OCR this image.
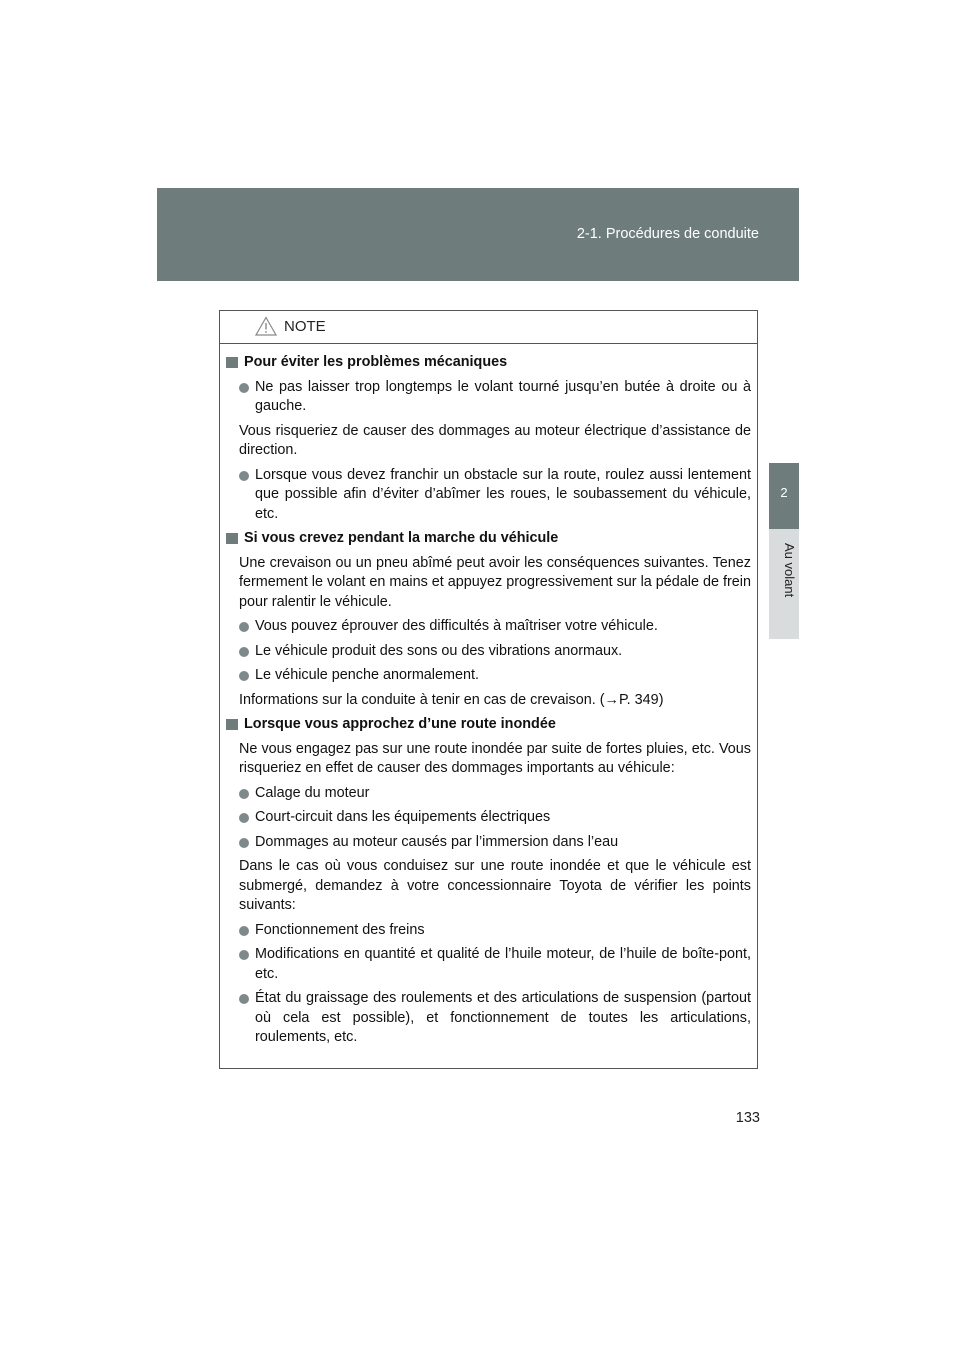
2-1. Procédures de conduite
2
Au volant
NOTE
Pour éviter les problèmes mécaniques
Ne pas laisser trop longtemps le volant tourné jusqu’en butée à droite ou à gauche.
Vous risqueriez de causer des dommages au moteur électrique d’assistance de direction.
Lorsque vous devez franchir un obstacle sur la route, roulez aussi lentement que possible afin d’éviter d’abîmer les roues, le soubassement du véhicule, etc.
Si vous crevez pendant la marche du véhicule
Une crevaison ou un pneu abîmé peut avoir les conséquences suivantes. Tenez fermement le volant en mains et appuyez progressivement sur la pédale de frein pour ralentir le véhicule.
Vous pouvez éprouver des difficultés à maîtriser votre véhicule.
Le véhicule produit des sons ou des vibrations anormaux.
Le véhicule penche anormalement.
Informations sur la conduite à tenir en cas de crevaison. (→P. 349)
Lorsque vous approchez d’une route inondée
Ne vous engagez pas sur une route inondée par suite de fortes pluies, etc. Vous risqueriez en effet de causer des dommages importants au véhicule:
Calage du moteur
Court-circuit dans les équipements électriques
Dommages au moteur causés par l’immersion dans l’eau
Dans le cas où vous conduisez sur une route inondée et que le véhicule est submergé, demandez à votre concessionnaire Toyota de vérifier les points suivants:
Fonctionnement des freins
Modifications en quantité et qualité de l’huile moteur, de l’huile de boîte-pont, etc.
État du graissage des roulements et des articulations de suspension (partout où cela est possible), et fonctionnement de toutes les articulations, roulements, etc.
133
